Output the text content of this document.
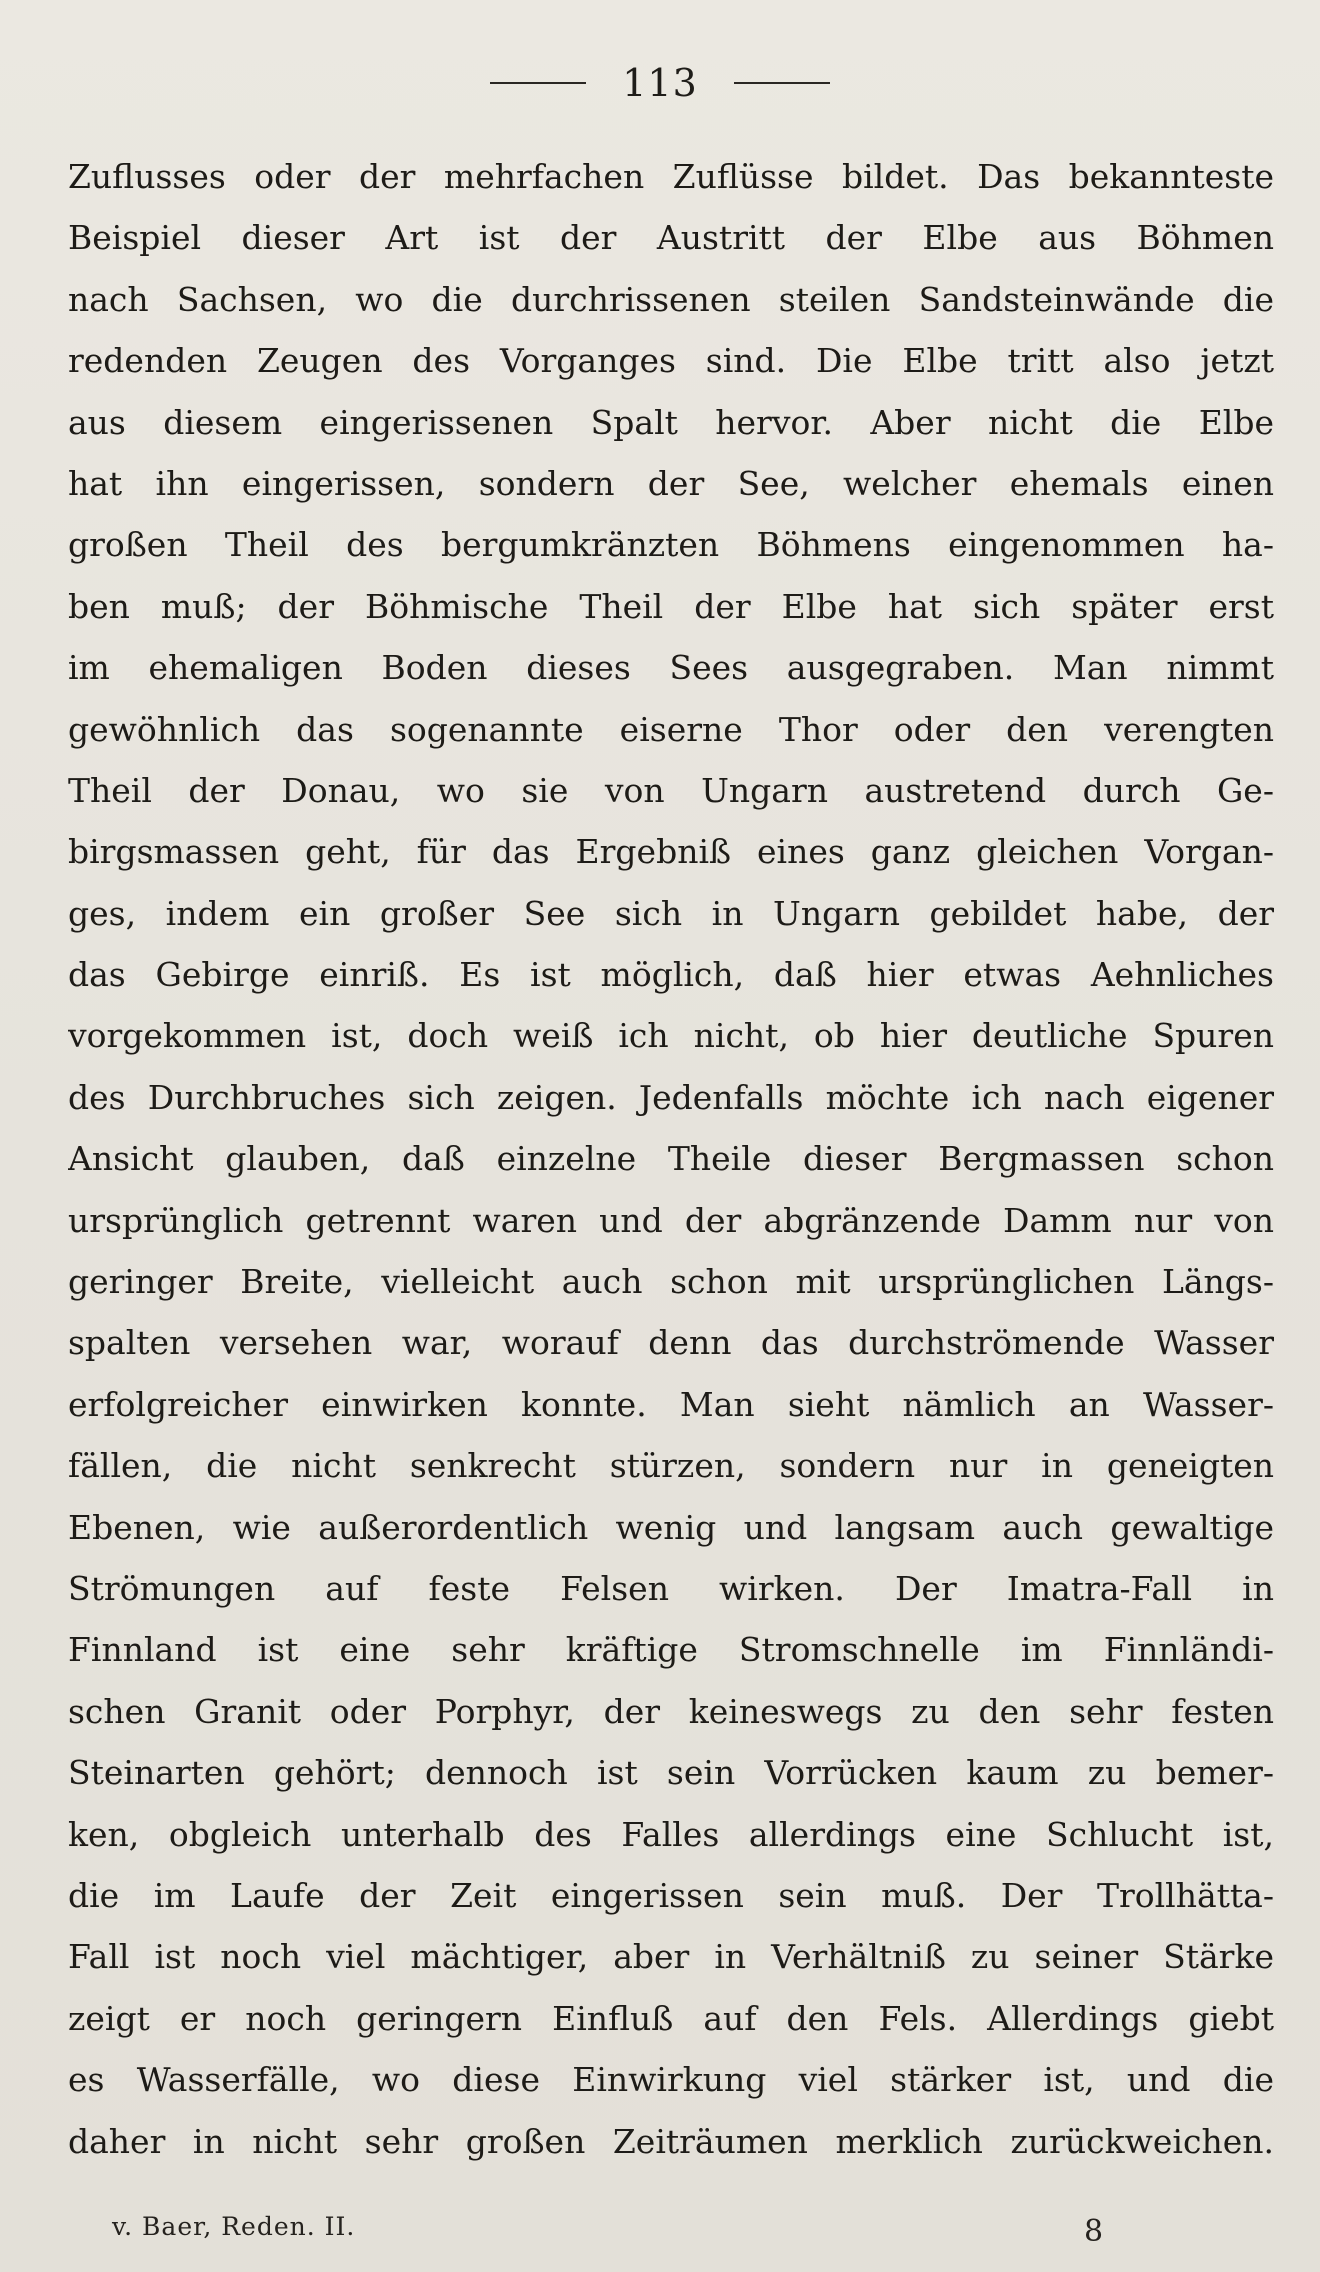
113
Zuflusses oder der mehrfachen Zuflüsse bildet. Das bekannteste
Beispiel dieser Art ist der Austritt der Elbe aus Böhmen
nach Sachsen, wo die durchrissenen steilen Sandsteinwände die
redenden Zeugen des Vorganges sind. Die Elbe tritt also jetzt
aus diesem eingerissenen Spalt hervor. Aber nicht die Elbe
hat ihn eingerissen, sondern der See, welcher ehemals einen
großen Theil des bergumkränzten Böhmens eingenommen ha-
ben muß; der Böhmische Theil der Elbe hat sich später erst
im ehemaligen Boden dieses Sees ausgegraben. Man nimmt
gewöhnlich das sogenannte eiserne Thor oder den verengten
Theil der Donau, wo sie von Ungarn austretend durch Ge-
birgsmassen geht, für das Ergebniß eines ganz gleichen Vorgan-
ges, indem ein großer See sich in Ungarn gebildet habe, der
das Gebirge einriß. Es ist möglich, daß hier etwas Aehnliches
vorgekommen ist, doch weiß ich nicht, ob hier deutliche Spuren
des Durchbruches sich zeigen. Jedenfalls möchte ich nach eigener
Ansicht glauben, daß einzelne Theile dieser Bergmassen schon
ursprünglich getrennt waren und der abgränzende Damm nur von
geringer Breite, vielleicht auch schon mit ursprünglichen Längs-
spalten versehen war, worauf denn das durchströmende Wasser
erfolgreicher einwirken konnte. Man sieht nämlich an Wasser-
fällen, die nicht senkrecht stürzen, sondern nur in geneigten
Ebenen, wie außerordentlich wenig und langsam auch gewaltige
Strömungen auf feste Felsen wirken. Der Imatra-Fall in
Finnland ist eine sehr kräftige Stromschnelle im Finnländi-
schen Granit oder Porphyr, der keineswegs zu den sehr festen
Steinarten gehört; dennoch ist sein Vorrücken kaum zu bemer-
ken, obgleich unterhalb des Falles allerdings eine Schlucht ist,
die im Laufe der Zeit eingerissen sein muß. Der Trollhätta-
Fall ist noch viel mächtiger, aber in Verhältniß zu seiner Stärke
zeigt er noch geringern Einfluß auf den Fels. Allerdings giebt
es Wasserfälle, wo diese Einwirkung viel stärker ist, und die
daher in nicht sehr großen Zeiträumen merklich zurückweichen.
v. Baer, Reden. II.	8
